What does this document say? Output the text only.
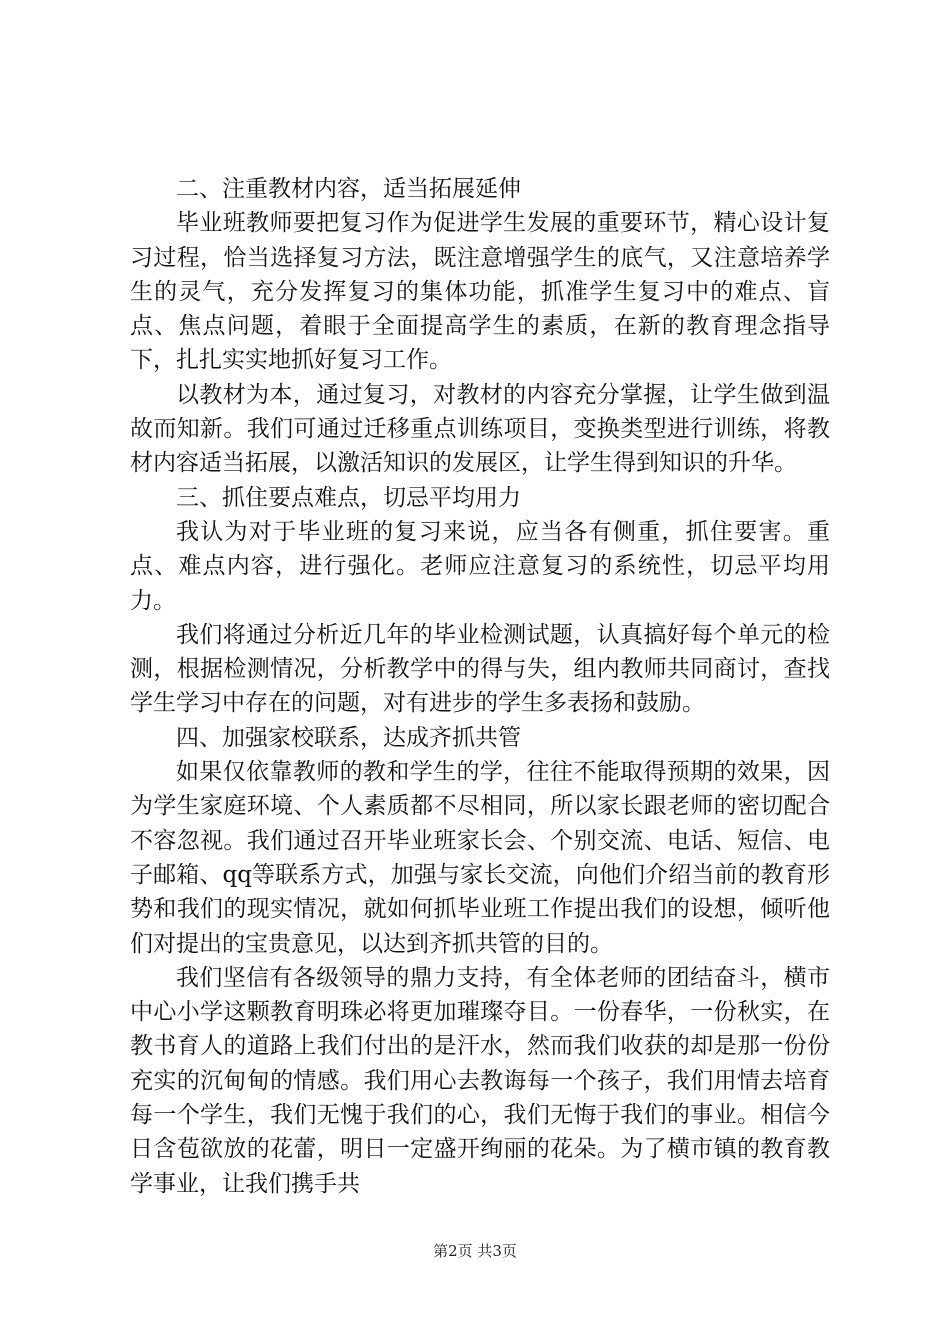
二、注重教材内容，适当拓展延伸

毕业班教师要把复习作为促进学生发展的重要环节，精心设计复习过程，恰当选择复习方法，既注意增强学生的底气，又注意培养学生的灵气，充分发挥复习的集体功能，抓准学生复习中的难点、盲点、焦点问题，着眼于全面提高学生的素质，在新的教育理念指导下，扎扎实实地抓好复习工作。

以教材为本，通过复习，对教材的内容充分掌握，让学生做到温故而知新。我们可通过迁移重点训练项目，变换类型进行训练，将教材内容适当拓展，以激活知识的发展区，让学生得到知识的升华。

三、抓住要点难点，切忌平均用力

我认为对于毕业班的复习来说，应当各有侧重，抓住要害。重点、难点内容，进行强化。老师应注意复习的系统性，切忌平均用力。

我们将通过分析近几年的毕业检测试题，认真搞好每个单元的检测，根据检测情况，分析教学中的得与失，组内教师共同商讨，查找学生学习中存在的问题，对有进步的学生多表扬和鼓励。

四、加强家校联系，达成齐抓共管

如果仅依靠教师的教和学生的学，往往不能取得预期的效果，因为学生家庭环境、个人素质都不尽相同，所以家长跟老师的密切配合不容忽视。我们通过召开毕业班家长会、个别交流、电话、短信、电子邮箱、qq等联系方式，加强与家长交流，向他们介绍当前的教育形势和我们的现实情况，就如何抓毕业班工作提出我们的设想，倾听他们对提出的宝贵意见，以达到齐抓共管的目的。

我们坚信有各级领导的鼎力支持，有全体老师的团结奋斗，横市中心小学这颗教育明珠必将更加璀璨夺目。一份春华，一份秋实，在教书育人的道路上我们付出的是汗水，然而我们收获的却是那一份份充实的沉甸甸的情感。我们用心去教诲每一个孩子，我们用情去培育每一个学生，我们无愧于我们的心，我们无悔于我们的事业。相信今日含苞欲放的花蕾，明日一定盛开绚丽的花朵。为了横市镇的教育教学事业，让我们携手共

第2页 共3页
